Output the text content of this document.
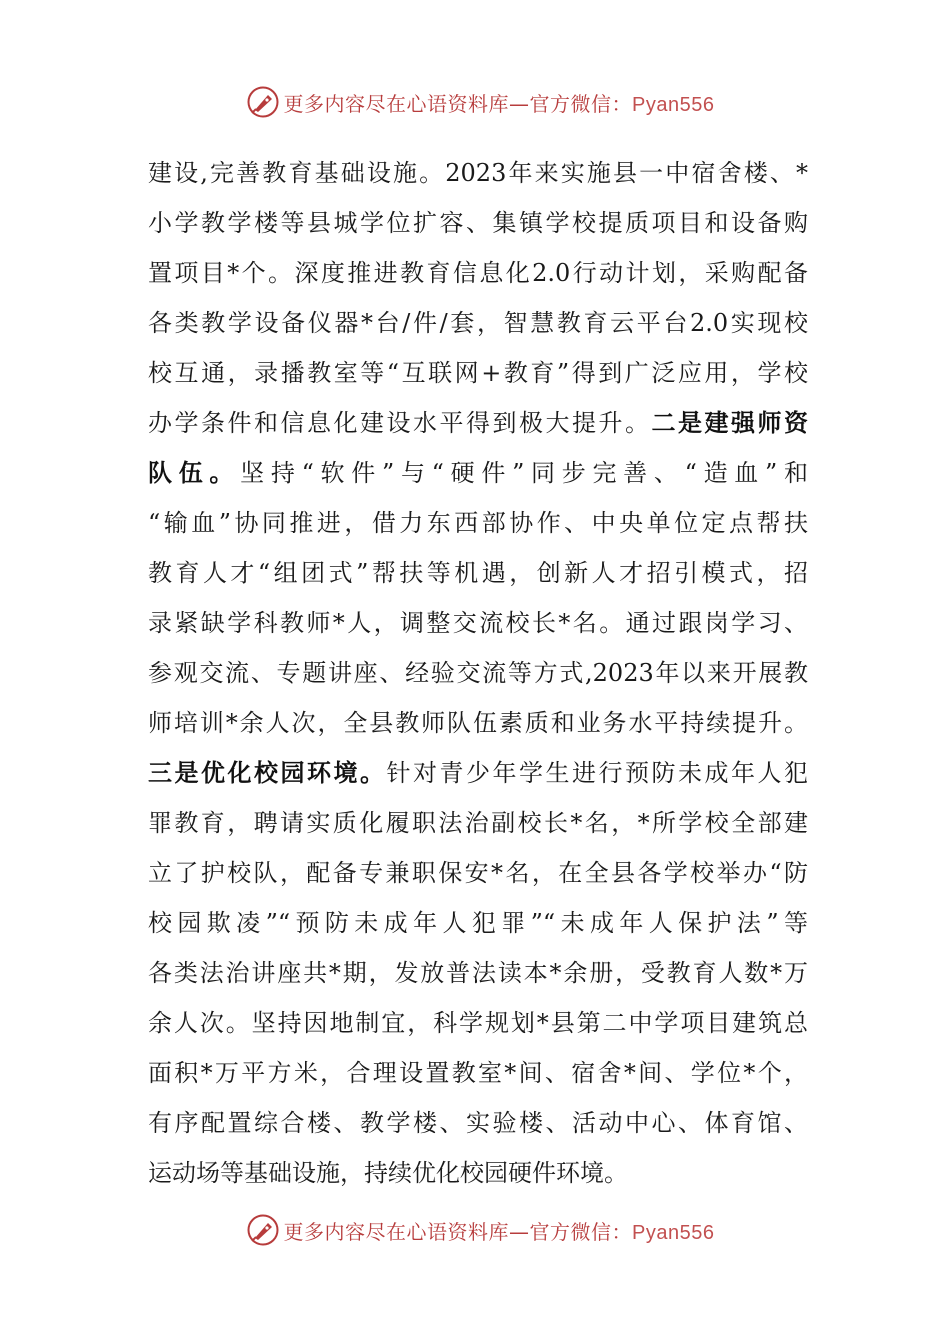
更多内容尽在心语资料库—官方微信：Pyan556
建设,完善教育基础设施。2023年来实施县一中宿舍楼、*
小学教学楼等县城学位扩容、集镇学校提质项目和设备购
置项目*个。深度推进教育信息化2.0行动计划，采购配备
各类教学设备仪器*台/件/套，智慧教育云平台2.0实现校
校互通，录播教室等“互联网+教育”得到广泛应用，学校
办学条件和信息化建设水平得到极大提升。二是建强师资
队伍。坚持“软件”与“硬件”同步完善、“造血”和
“输血”协同推进，借力东西部协作、中央单位定点帮扶
教育人才“组团式”帮扶等机遇，创新人才招引模式，招
录紧缺学科教师*人，调整交流校长*名。通过跟岗学习、
参观交流、专题讲座、经验交流等方式,2023年以来开展教
师培训*余人次，全县教师队伍素质和业务水平持续提升。
三是优化校园环境。针对青少年学生进行预防未成年人犯
罪教育，聘请实质化履职法治副校长*名，*所学校全部建
立了护校队，配备专兼职保安*名，在全县各学校举办“防
校园欺凌”“预防未成年人犯罪”“未成年人保护法”等
各类法治讲座共*期，发放普法读本*余册，受教育人数*万
余人次。坚持因地制宜，科学规划*县第二中学项目建筑总
面积*万平方米，合理设置教室*间、宿舍*间、学位*个，
有序配置综合楼、教学楼、实验楼、活动中心、体育馆、
运动场等基础设施，持续优化校园硬件环境。
更多内容尽在心语资料库—官方微信：Pyan556
